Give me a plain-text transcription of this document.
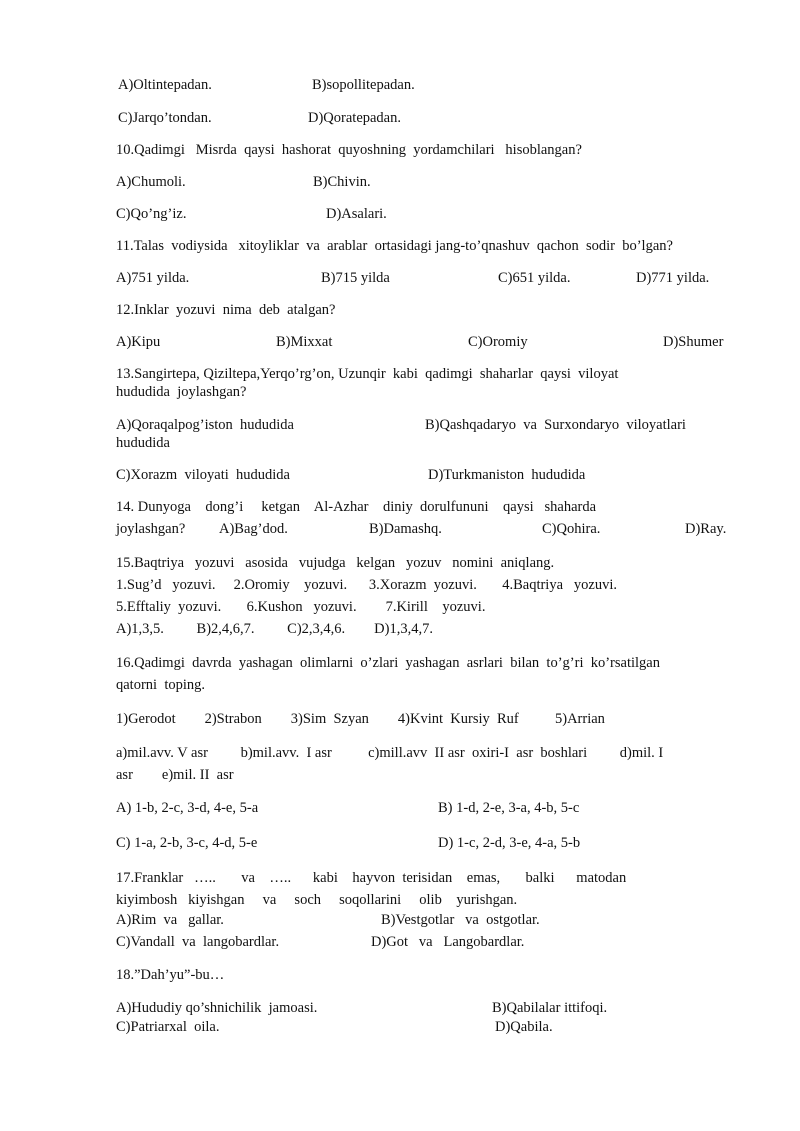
A)Oltintepadan.	B)sopollitepadan.
C)Jarqo’tondan.	D)Qoratepadan.
10.Qadimgi   Misrda  qaysi  hashorat  quyoshning  yordamchilari   hisoblangan?
A)Chumoli.	B)Chivin.
C)Qo’ng’iz.	D)Asalari.
11.Talas  vodiysida   xitoyliklar  va  arablar  ortasidagi jang-to’qnashuv  qachon  sodir  bo’lgan?
A)751 yilda.	B)715 yilda	C)651 yilda.	D)771 yilda.
12.Inklar  yozuvi  nima  deb  atalgan?
A)Kipu	B)Mixxat	C)Oromiy	D)Shumer
13.Sangirtepa, Qiziltepa,Yerqo’rg’on, Uzunqir  kabi  qadimgi  shaharlar  qaysi  viloyat
hududida  joylashgan?
A)Qoraqalpog’iston  hududida	B)Qashqadaryo  va  Surxondaryo  viloyatlari
hududida
C)Xorazm  viloyati  hududida	D)Turkmaniston  hududida
14. Dunyoga    dong’i     ketgan    Al-Azhar    diniy  dorulfununi    qaysi   shaharda
joylashgan? A)Bag’dod.	B)Damashq.	C)Qohira.	D)Ray.
15.Baqtriya   yozuvi   asosida   vujudga   kelgan   yozuv   nomini  aniqlang.
1.Sug’d   yozuvi.     2.Oromiy    yozuvi.      3.Xorazm  yozuvi.       4.Baqtriya   yozuvi.
5.Efftaliy  yozuvi.       6.Kushon   yozuvi.        7.Kirill    yozuvi.
A)1,3,5.         B)2,4,6,7.         C)2,3,4,6.        D)1,3,4,7.
16.Qadimgi  davrda  yashagan  olimlarni  o’zlari  yashagan  asrlari  bilan  to’g’ri  ko’rsatilgan
qatorni  toping.
1)Gerodot        2)Strabon        3)Sim  Szyan        4)Kvint  Kursiy  Ruf          5)Arrian
a)mil.avv. V asr         b)mil.avv.  I asr          c)mill.avv  II asr  oxiri-I  asr  boshlari         d)mil. I
asr        e)mil. II  asr
A) 1-b, 2-c, 3-d, 4-e, 5-a	B) 1-d, 2-e, 3-a, 4-b, 5-c
C) 1-a, 2-b, 3-c, 4-d, 5-e	D) 1-c, 2-d, 3-e, 4-a, 5-b
17.Franklar   …..       va    …..      kabi    hayvon  terisidan    emas,       balki      matodan
kiyimbosh   kiyishgan     va     soch     soqollarini     olib    yurishgan.
A)Rim  va   gallar.	B)Vestgotlar   va  ostgotlar.
C)Vandall  va  langobardlar.	D)Got   va   Langobardlar.
18.”Dah’yu”-bu…
A)Hududiy qo’shnichilik  jamoasi.	B)Qabilalar ittifoqi.
C)Patriarxal  oila.	D)Qabila.
